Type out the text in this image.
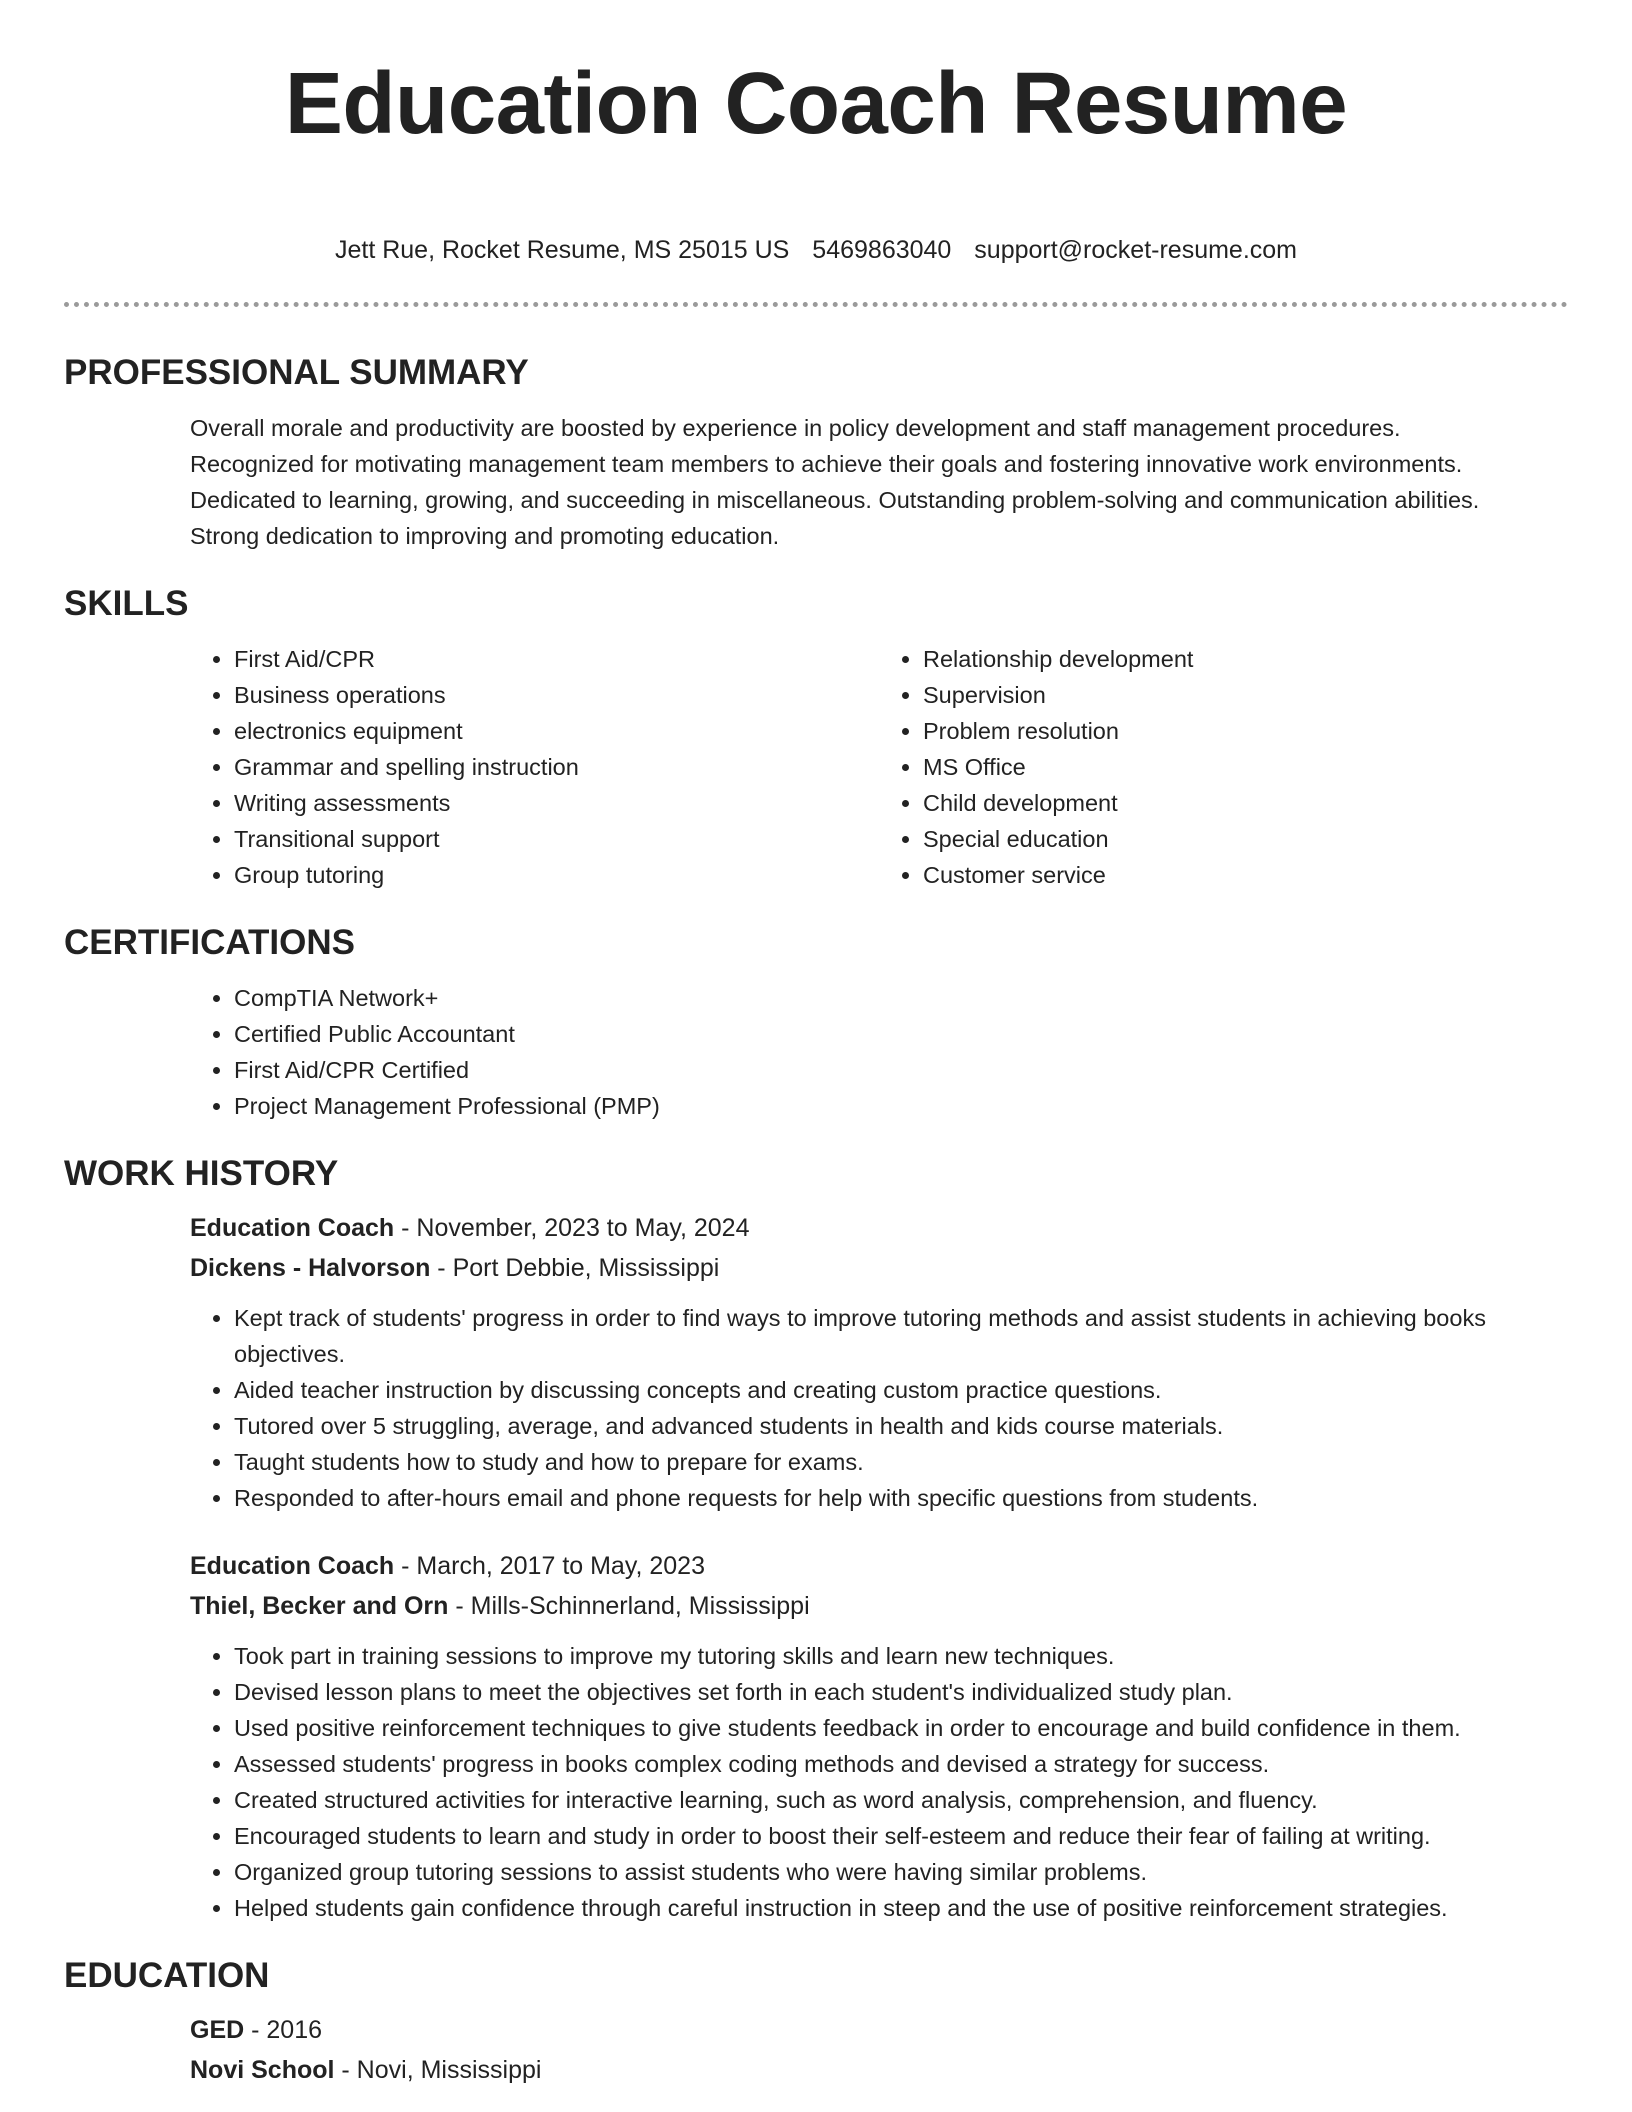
Education Coach Resume
Jett Rue, Rocket Resume, MS 25015 US 5469863040 support@rocket-resume.com
PROFESSIONAL SUMMARY
Overall morale and productivity are boosted by experience in policy development and staff management procedures.
Recognized for motivating management team members to achieve their goals and fostering innovative work environments.
Dedicated to learning, growing, and succeeding in miscellaneous. Outstanding problem-solving and communication abilities.
Strong dedication to improving and promoting education.
SKILLS
• First Aid/CPR
• Business operations
• electronics equipment
• Grammar and spelling instruction
• Writing assessments
• Transitional support
• Group tutoring
• Relationship development
• Supervision
• Problem resolution
• MS Office
• Child development
• Special education
• Customer service
CERTIFICATIONS
• CompTIA Network+
• Certified Public Accountant
• First Aid/CPR Certified
• Project Management Professional (PMP)
WORK HISTORY
Education Coach - November, 2023 to May, 2024
Dickens - Halvorson - Port Debbie, Mississippi
• Kept track of students' progress in order to find ways to improve tutoring methods and assist students in achieving books objectives.
• Aided teacher instruction by discussing concepts and creating custom practice questions.
• Tutored over 5 struggling, average, and advanced students in health and kids course materials.
• Taught students how to study and how to prepare for exams.
• Responded to after-hours email and phone requests for help with specific questions from students.
Education Coach - March, 2017 to May, 2023
Thiel, Becker and Orn - Mills-Schinnerland, Mississippi
• Took part in training sessions to improve my tutoring skills and learn new techniques.
• Devised lesson plans to meet the objectives set forth in each student's individualized study plan.
• Used positive reinforcement techniques to give students feedback in order to encourage and build confidence in them.
• Assessed students' progress in books complex coding methods and devised a strategy for success.
• Created structured activities for interactive learning, such as word analysis, comprehension, and fluency.
• Encouraged students to learn and study in order to boost their self-esteem and reduce their fear of failing at writing.
• Organized group tutoring sessions to assist students who were having similar problems.
• Helped students gain confidence through careful instruction in steep and the use of positive reinforcement strategies.
EDUCATION
GED - 2016
Novi School - Novi, Mississippi
